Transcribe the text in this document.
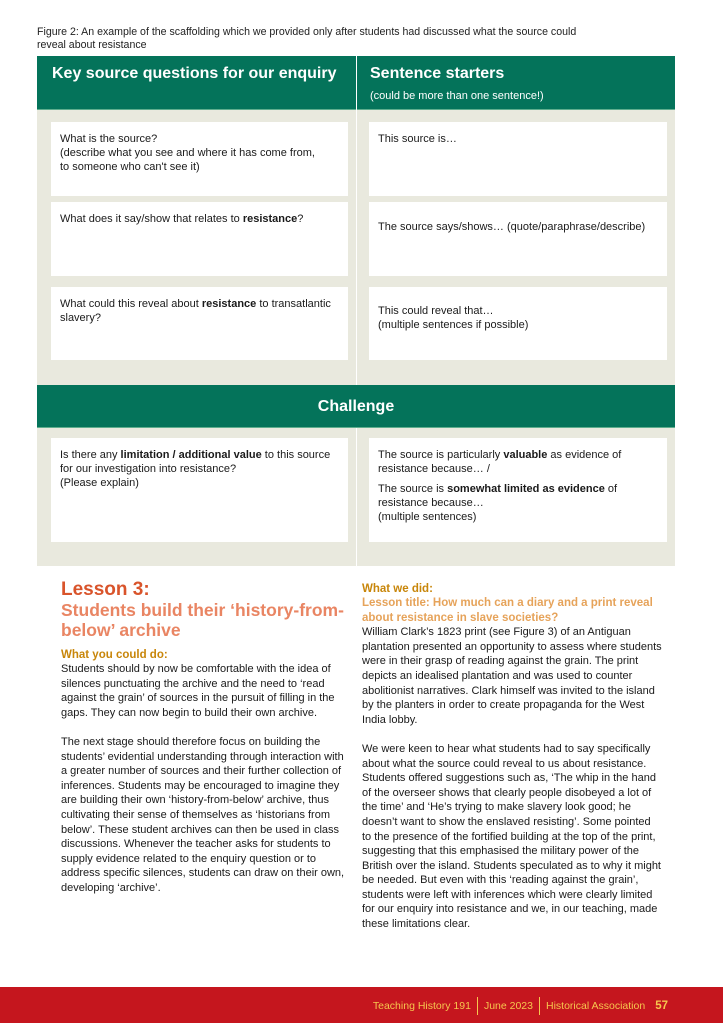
Figure 2: An example of the scaffolding which we provided only after students had discussed what the source could reveal about resistance
Key source questions for our enquiry	Sentence starters
(could be more than one sentence!)
What is the source?
(describe what you see and where it has come from,
to someone who can't see it)
What does it say/show that relates to resistance?
What could this reveal about resistance to transatlantic slavery?
This source is…
The source says/shows… (quote/paraphrase/describe)
This could reveal that…
(multiple sentences if possible)
Challenge
Is there any limitation / additional value to this source for our investigation into resistance?
(Please explain)
The source is particularly valuable as evidence of resistance because… /
The source is somewhat limited as evidence of resistance because…
(multiple sentences)
Lesson 3:
Students build their ‘history-from-below’ archive
What you could do:

Students should by now be comfortable with the idea of silences punctuating the archive and the need to ‘read against the grain’ of sources in the pursuit of filling in the gaps. They can now begin to build their own archive.

The next stage should therefore focus on building the students’ evidential understanding through interaction with a greater number of sources and their further collection of inferences. Students may be encouraged to imagine they are building their own ‘history-from-below’ archive, thus cultivating their sense of themselves as ‘historians from below’. These student archives can then be used in class discussions. Whenever the teacher asks for students to supply evidence related to the enquiry question or to address specific silences, students can draw on their own, developing ‘archive’.

What we did:
Lesson title: How much can a diary and a print reveal about resistance in slave societies?

William Clark’s 1823 print (see Figure 3) of an Antiguan plantation presented an opportunity to assess where students were in their grasp of reading against the grain. The print depicts an idealised plantation and was used to counter abolitionist narratives. Clark himself was invited to the island by the planters in order to create propaganda for the West India lobby.

We were keen to hear what students had to say specifically about what the source could reveal to us about resistance. Students offered suggestions such as, ‘The whip in the hand of the overseer shows that clearly people disobeyed a lot of the time’ and ‘He’s trying to make slavery look good; he doesn’t want to show the enslaved resisting’. Some pointed to the presence of the fortified building at the top of the print, suggesting that this emphasised the military power of the British over the island. Students speculated as to why it might be needed. But even with this ‘reading against the grain’, students were left with inferences which were clearly limited for our enquiry into resistance and we, in our teaching, made these limitations clear.

Teaching History 191 June 2023 Historical Association 57
